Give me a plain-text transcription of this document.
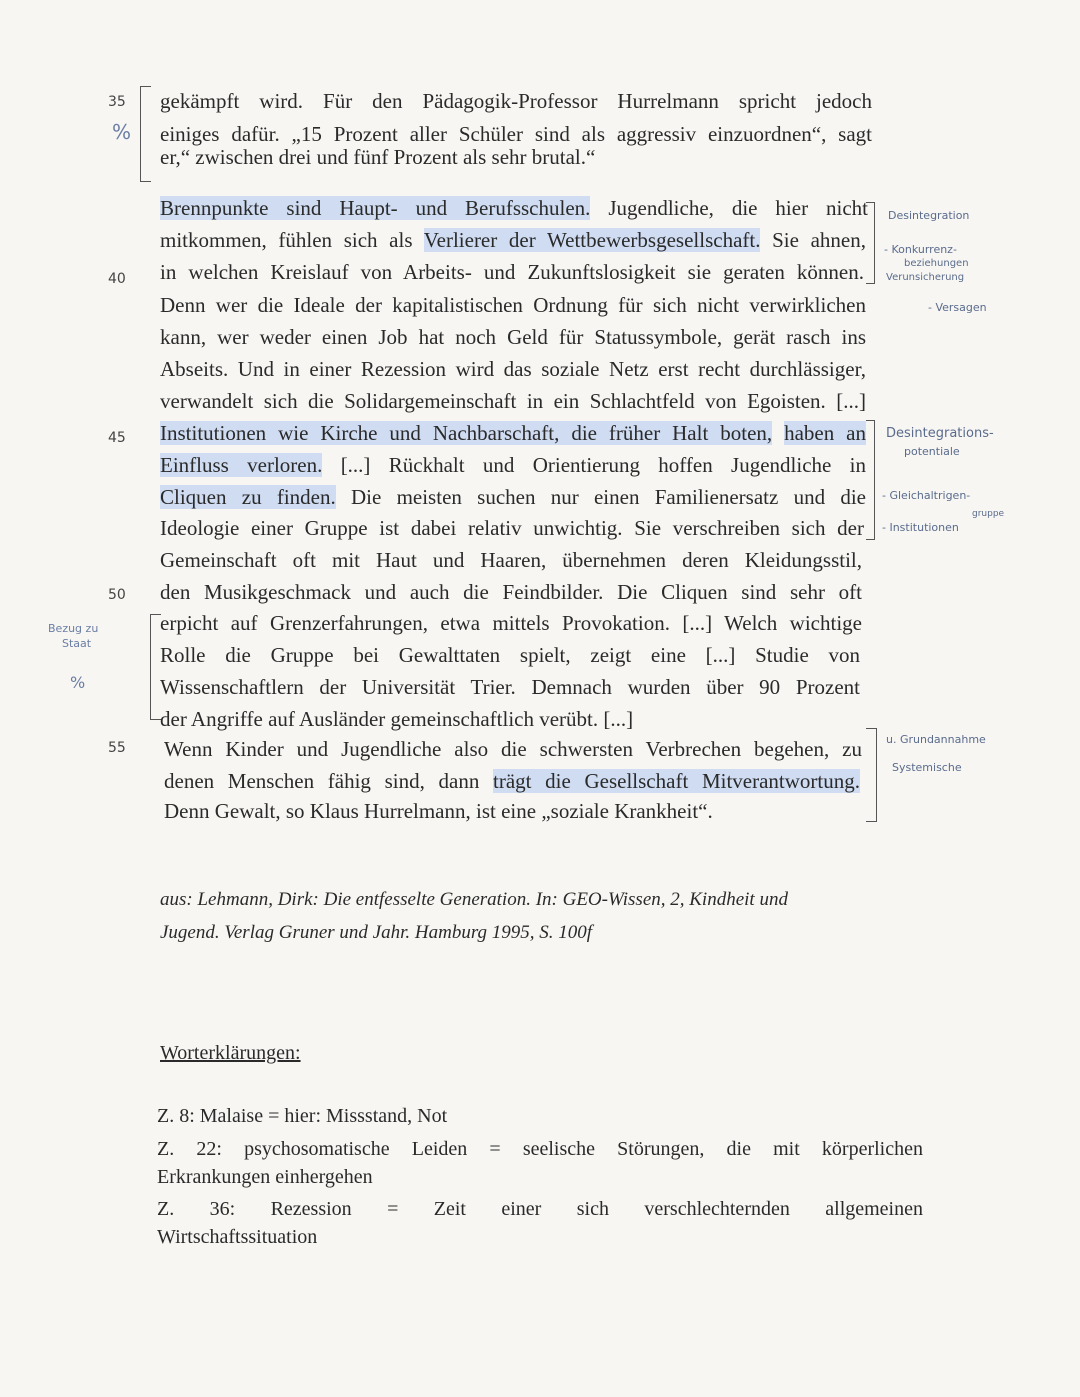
35
40
45
50
55
%
Bezug zu
Staat
%
gekämpft wird. Für den Pädagogik-Professor Hurrelmann spricht jedoch
einiges dafür. „15 Prozent aller Schüler sind als aggressiv einzuordnen“, sagt
er,“ zwischen drei und fünf Prozent als sehr brutal.“
Brennpunkte sind Haupt- und Berufsschulen. Jugendliche, die hier nicht
mitkommen, fühlen sich als Verlierer der Wettbewerbsgesellschaft. Sie ahnen,
in welchen Kreislauf von Arbeits- und Zukunftslosigkeit sie geraten können.
Denn wer die Ideale der kapitalistischen Ordnung für sich nicht verwirklichen
kann, wer weder einen Job hat noch Geld für Statussymbole, gerät rasch ins
Abseits. Und in einer Rezession wird das soziale Netz erst recht durchlässiger,
verwandelt sich die Solidargemeinschaft in ein Schlachtfeld von Egoisten. [...]
Institutionen wie Kirche und Nachbarschaft, die früher Halt boten, haben an
Einfluss verloren. [...] Rückhalt und Orientierung hoffen Jugendliche in
Cliquen zu finden. Die meisten suchen nur einen Familienersatz und die
Ideologie einer Gruppe ist dabei relativ unwichtig. Sie verschreiben sich der
Gemeinschaft oft mit Haut und Haaren, übernehmen deren Kleidungsstil,
den Musikgeschmack und auch die Feindbilder. Die Cliquen sind sehr oft
erpicht auf Grenzerfahrungen, etwa mittels Provokation. [...] Welch wichtige
Rolle die Gruppe bei Gewalttaten spielt, zeigt eine [...] Studie von
Wissenschaftlern der Universität Trier. Demnach wurden über 90 Prozent
der Angriffe auf Ausländer gemeinschaftlich verübt. [...]
Wenn Kinder und Jugendliche also die schwersten Verbrechen begehen, zu
denen Menschen fähig sind, dann trägt die Gesellschaft Mitverantwortung.
Denn Gewalt, so Klaus Hurrelmann, ist eine „soziale Krankheit“.
Desintegration
- Konkurrenz-
beziehungen
Verunsicherung
- Versagen
Desintegrations-
potentiale
- Gleichaltrigen-
gruppe
- Institutionen
u. Grundannahme
Systemische
aus: Lehmann, Dirk: Die entfesselte Generation. In: GEO-Wissen, 2, Kindheit und
Jugend. Verlag Gruner und Jahr. Hamburg 1995, S. 100f
Worterklärungen:
Z. 8: Malaise = hier: Missstand, Not
Z. 22: psychosomatische Leiden = seelische Störungen, die mit körperlichen
Erkrankungen einhergehen
Z. 36: Rezession = Zeit einer sich verschlechternden allgemeinen
Wirtschaftssituation
